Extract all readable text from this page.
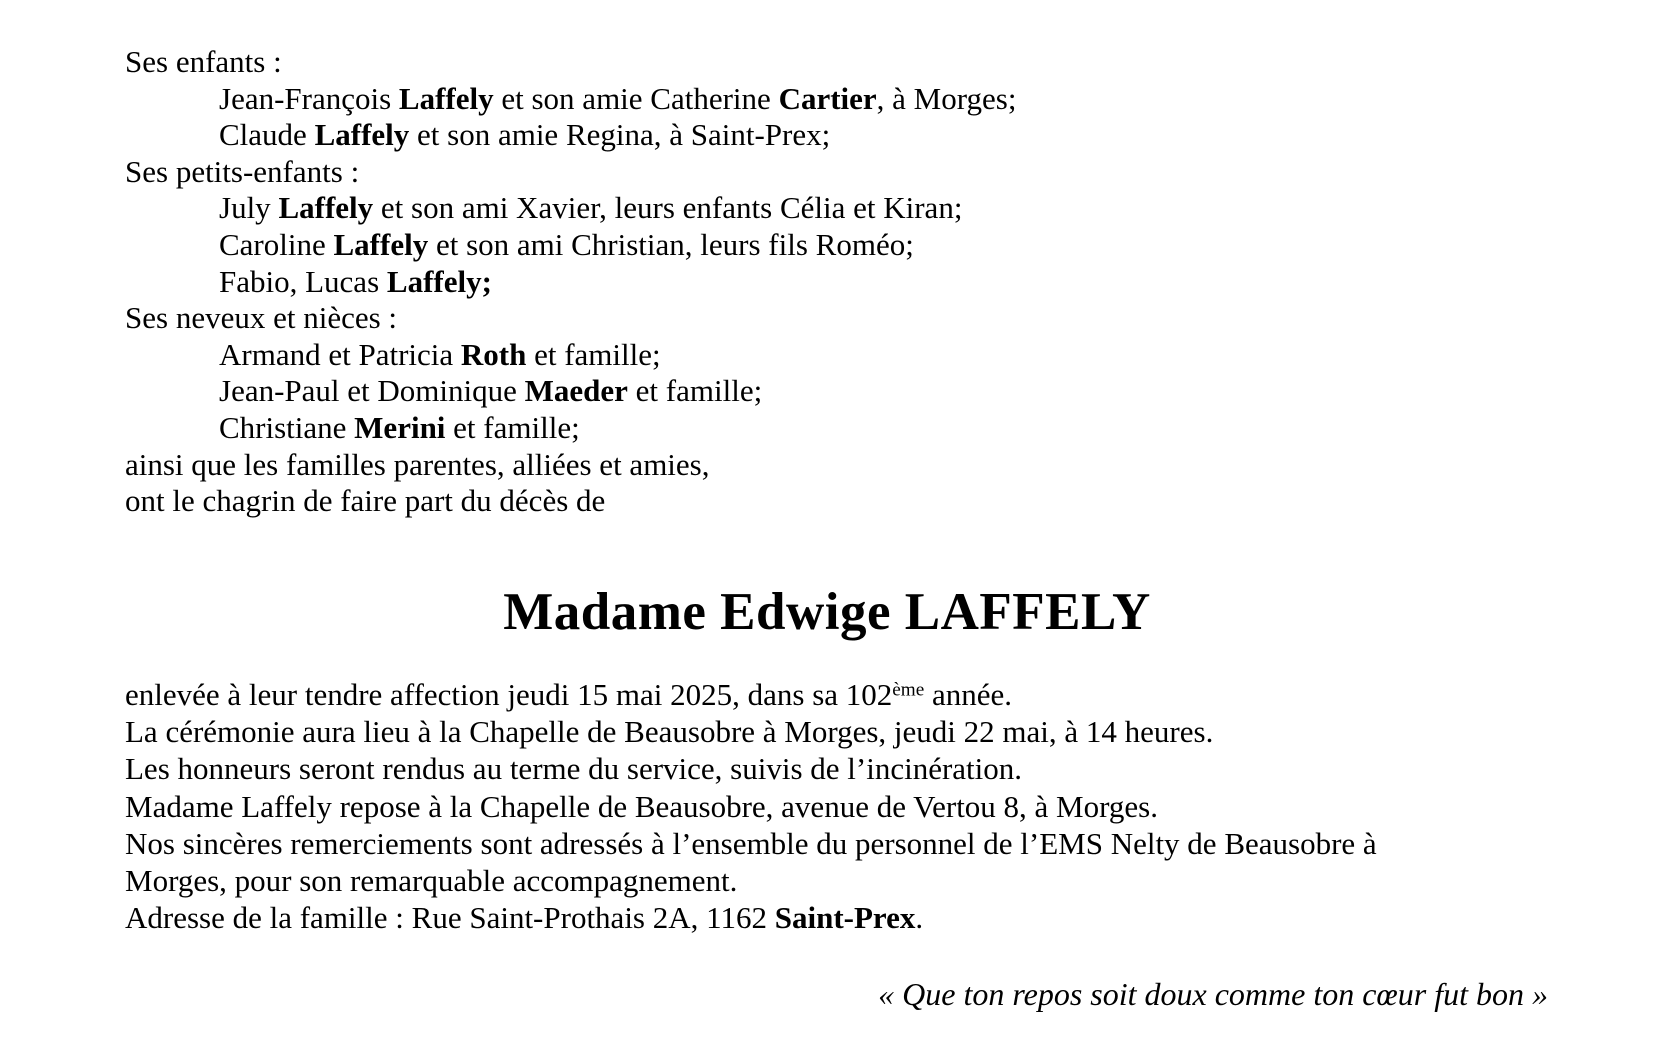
Ses enfants :
Jean-François Laffely et son amie Catherine Cartier, à Morges;
Claude Laffely et son amie Regina, à Saint-Prex;
Ses petits-enfants :
July Laffely et son ami Xavier, leurs enfants Célia et Kiran;
Caroline Laffely et son ami Christian, leurs fils Roméo;
Fabio, Lucas Laffely;
Ses neveux et nièces :
Armand et Patricia Roth et famille;
Jean-Paul et Dominique Maeder et famille;
Christiane Merini et famille;
ainsi que les familles parentes, alliées et amies,
ont le chagrin de faire part du décès de
Madame Edwige LAFFELY
enlevée à leur tendre affection jeudi 15 mai 2025, dans sa 102ème année.
La cérémonie aura lieu à la Chapelle de Beausobre à Morges, jeudi 22 mai, à 14 heures.
Les honneurs seront rendus au terme du service, suivis de l’incinération.
Madame Laffely repose à la Chapelle de Beausobre, avenue de Vertou 8, à Morges.
Nos sincères remerciements sont adressés à l’ensemble du personnel de l’EMS Nelty de Beausobre à
Morges, pour son remarquable accompagnement.
Adresse de la famille : Rue Saint-Prothais 2A, 1162 Saint-Prex.
« Que ton repos soit doux comme ton cœur fut bon »
